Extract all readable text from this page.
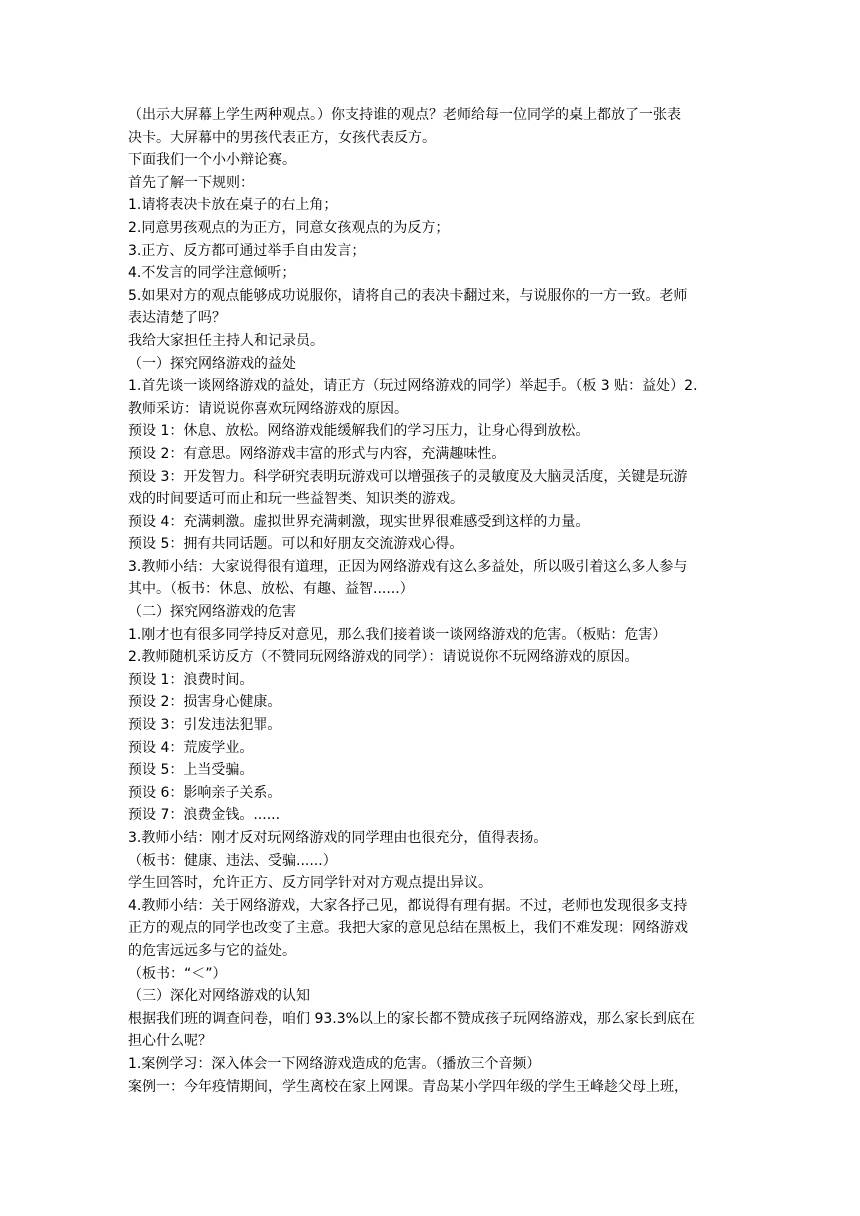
（出示大屏幕上学生两种观点。）你支持谁的观点？老师给每一位同学的桌上都放了一张表

决卡。大屏幕中的男孩代表正方，女孩代表反方。

下面我们一个小小辩论赛。

首先了解一下规则：

1.请将表决卡放在桌子的右上角；

2.同意男孩观点的为正方，同意女孩观点的为反方；

3.正方、反方都可通过举手自由发言；

4.不发言的同学注意倾听；

5.如果对方的观点能够成功说服你，请将自己的表决卡翻过来，与说服你的一方一致。老师

表达清楚了吗？

我给大家担任主持人和记录员。

（一）探究网络游戏的益处

1.首先谈一谈网络游戏的益处，请正方（玩过网络游戏的同学）举起手。（板 3 贴：益处）2.

教师采访：请说说你喜欢玩网络游戏的原因。

预设 1：休息、放松。网络游戏能缓解我们的学习压力，让身心得到放松。

预设 2：有意思。网络游戏丰富的形式与内容，充满趣味性。

预设 3：开发智力。科学研究表明玩游戏可以增强孩子的灵敏度及大脑灵活度，关键是玩游

戏的时间要适可而止和玩一些益智类、知识类的游戏。

预设 4：充满刺激。虚拟世界充满刺激，现实世界很难感受到这样的力量。

预设 5：拥有共同话题。可以和好朋友交流游戏心得。

3.教师小结：大家说得很有道理，正因为网络游戏有这么多益处，所以吸引着这么多人参与

其中。（板书：休息、放松、有趣、益智......）

（二）探究网络游戏的危害

1.刚才也有很多同学持反对意见，那么我们接着谈一谈网络游戏的危害。（板贴：危害）

2.教师随机采访反方（不赞同玩网络游戏的同学）：请说说你不玩网络游戏的原因。

预设 1：浪费时间。

预设 2：损害身心健康。

预设 3：引发违法犯罪。

预设 4：荒废学业。

预设 5：上当受骗。

预设 6：影响亲子关系。

预设 7：浪费金钱。......

3.教师小结：刚才反对玩网络游戏的同学理由也很充分，值得表扬。

（板书：健康、违法、受骗......）

学生回答时，允许正方、反方同学针对对方观点提出异议。

4.教师小结：关于网络游戏，大家各抒己见，都说得有理有据。不过，老师也发现很多支持

正方的观点的同学也改变了主意。我把大家的意见总结在黑板上，我们不难发现：网络游戏

的危害远远多与它的益处。

（板书：“＜”）

（三）深化对网络游戏的认知

根据我们班的调查问卷，咱们 93.3%以上的家长都不赞成孩子玩网络游戏，那么家长到底在

担心什么呢？

1.案例学习：深入体会一下网络游戏造成的危害。（播放三个音频）

案例一：今年疫情期间，学生离校在家上网课。青岛某小学四年级的学生王峰趁父母上班，
